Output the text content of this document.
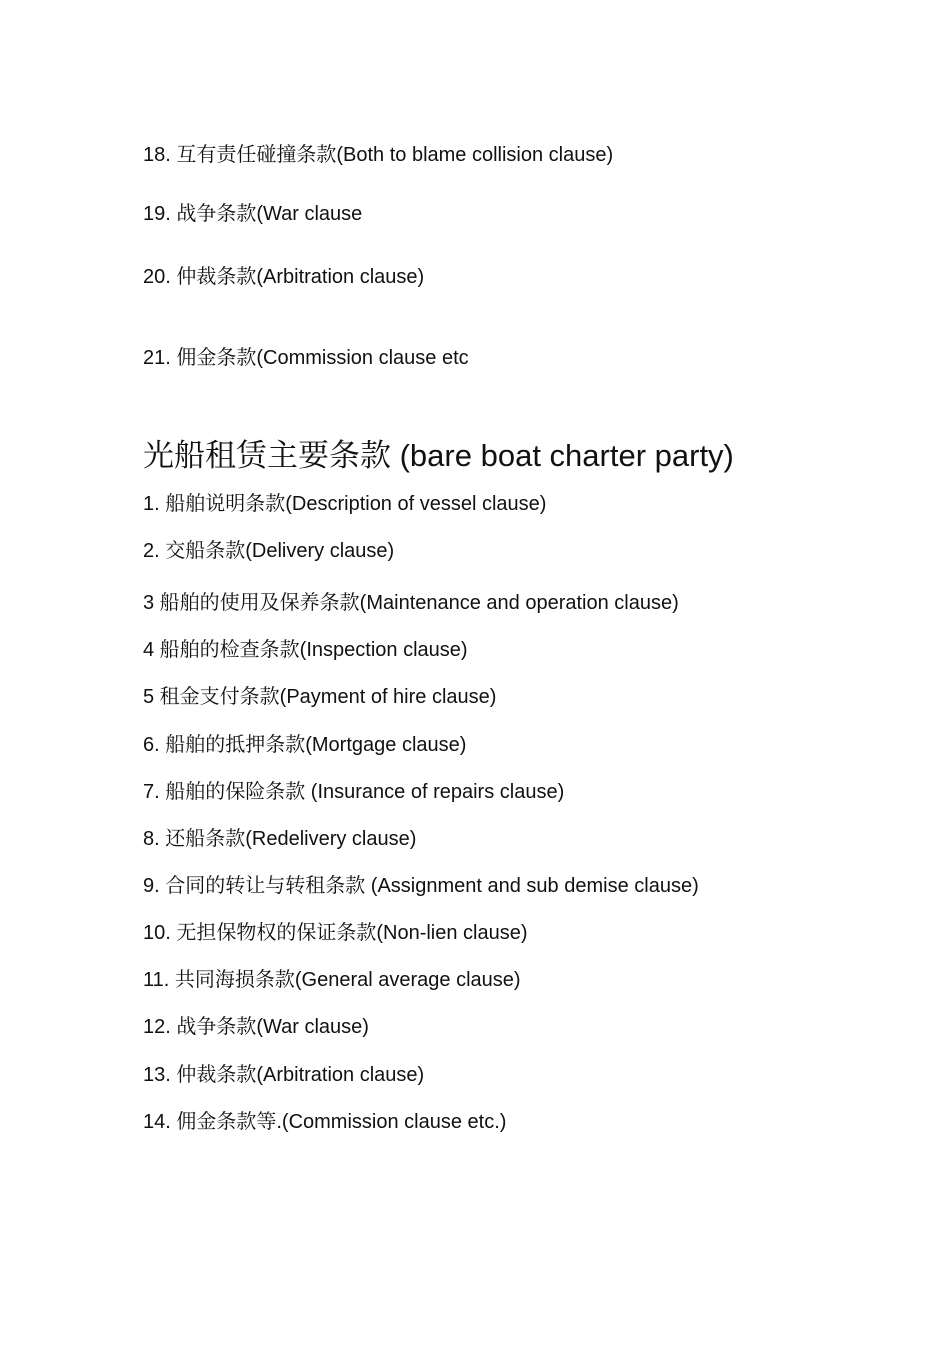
18. 互有责任碰撞条款(Both to blame collision clause)
19. 战争条款(War clause
20. 仲裁条款(Arbitration clause)
21. 佣金条款(Commission clause etc
光船租赁主要条款 (bare boat charter party)
1. 船舶说明条款(Description of vessel clause)
2. 交船条款(Delivery clause)
3 船舶的使用及保养条款(Maintenance and operation clause)
4 船舶的检查条款(Inspection clause)
5 租金支付条款(Payment of hire clause)
6. 船舶的抵押条款(Mortgage clause)
7. 船舶的保险条款 (Insurance of repairs clause)
8. 还船条款(Redelivery clause)
9. 合同的转让与转租条款 (Assignment and sub demise clause)
10. 无担保物权的保证条款(Non-lien clause)
11. 共同海损条款(General average clause)
12. 战争条款(War clause)
13. 仲裁条款(Arbitration clause)
14. 佣金条款等.(Commission clause etc.)
